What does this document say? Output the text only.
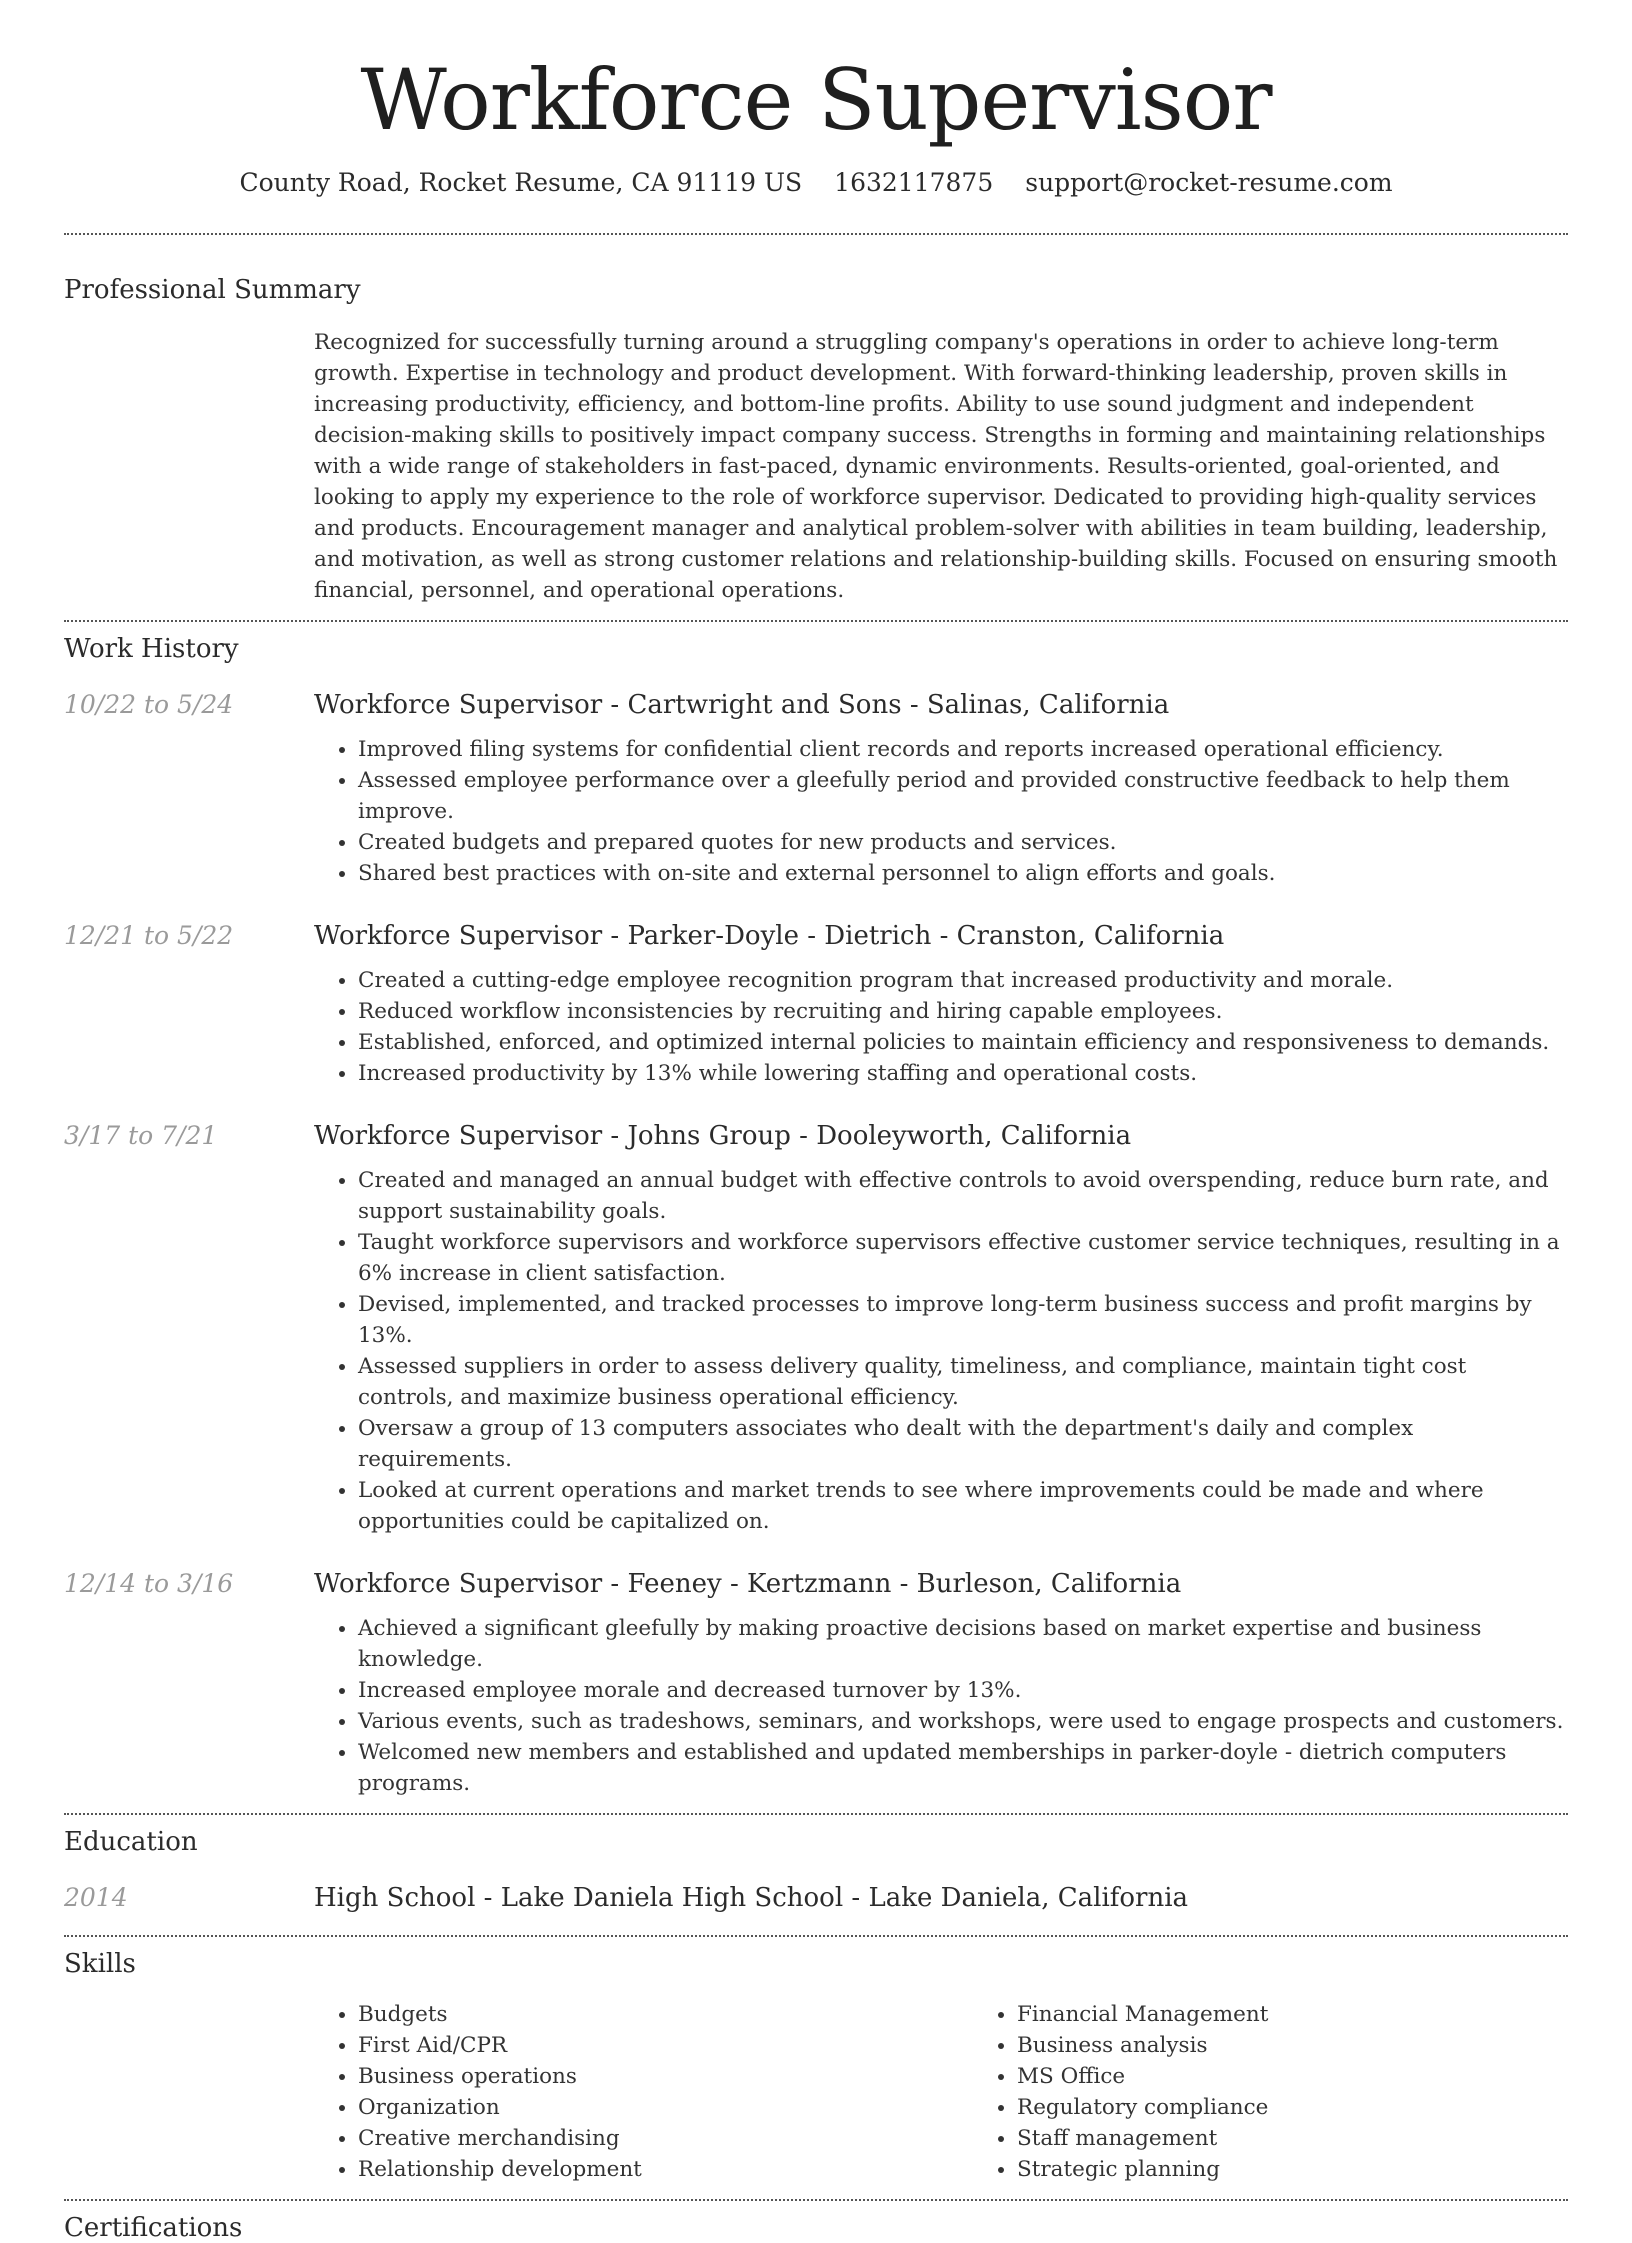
Workforce Supervisor
County Road, Rocket Resume, CA 91119 US 1632117875 support@rocket-resume.com
Professional Summary
Recognized for successfully turning around a struggling company's operations in order to achieve long-term growth. Expertise in technology and product development. With forward-thinking leadership, proven skills in increasing productivity, efficiency, and bottom-line profits. Ability to use sound judgment and independent decision-making skills to positively impact company success. Strengths in forming and maintaining relationships with a wide range of stakeholders in fast-paced, dynamic environments. Results-oriented, goal-oriented, and looking to apply my experience to the role of workforce supervisor. Dedicated to providing high-quality services and products. Encouragement manager and analytical problem-solver with abilities in team building, leadership, and motivation, as well as strong customer relations and relationship-building skills. Focused on ensuring smooth financial, personnel, and operational operations.
Work History
10/22 to 5/24	Workforce Supervisor - Cartwright and Sons - Salinas, California
• Improved filing systems for confidential client records and reports increased operational efficiency.
• Assessed employee performance over a gleefully period and provided constructive feedback to help them improve.
• Created budgets and prepared quotes for new products and services.
• Shared best practices with on-site and external personnel to align efforts and goals.
12/21 to 5/22	Workforce Supervisor - Parker-Doyle - Dietrich - Cranston, California
• Created a cutting-edge employee recognition program that increased productivity and morale.
• Reduced workflow inconsistencies by recruiting and hiring capable employees.
• Established, enforced, and optimized internal policies to maintain efficiency and responsiveness to demands.
• Increased productivity by 13% while lowering staffing and operational costs.
3/17 to 7/21	Workforce Supervisor - Johns Group - Dooleyworth, California
• Created and managed an annual budget with effective controls to avoid overspending, reduce burn rate, and support sustainability goals.
• Taught workforce supervisors and workforce supervisors effective customer service techniques, resulting in a 6% increase in client satisfaction.
• Devised, implemented, and tracked processes to improve long-term business success and profit margins by 13%.
• Assessed suppliers in order to assess delivery quality, timeliness, and compliance, maintain tight cost controls, and maximize business operational efficiency.
• Oversaw a group of 13 computers associates who dealt with the department's daily and complex requirements.
• Looked at current operations and market trends to see where improvements could be made and where opportunities could be capitalized on.
12/14 to 3/16	Workforce Supervisor - Feeney - Kertzmann - Burleson, California
• Achieved a significant gleefully by making proactive decisions based on market expertise and business knowledge.
• Increased employee morale and decreased turnover by 13%.
• Various events, such as tradeshows, seminars, and workshops, were used to engage prospects and customers.
• Welcomed new members and established and updated memberships in parker-doyle - dietrich computers programs.
Education
2014	High School - Lake Daniela High School - Lake Daniela, California
Skills
• Budgets
• First Aid/CPR
• Business operations
• Organization
• Creative merchandising
• Relationship development
• Financial Management
• Business analysis
• MS Office
• Regulatory compliance
• Staff management
• Strategic planning
Certifications
